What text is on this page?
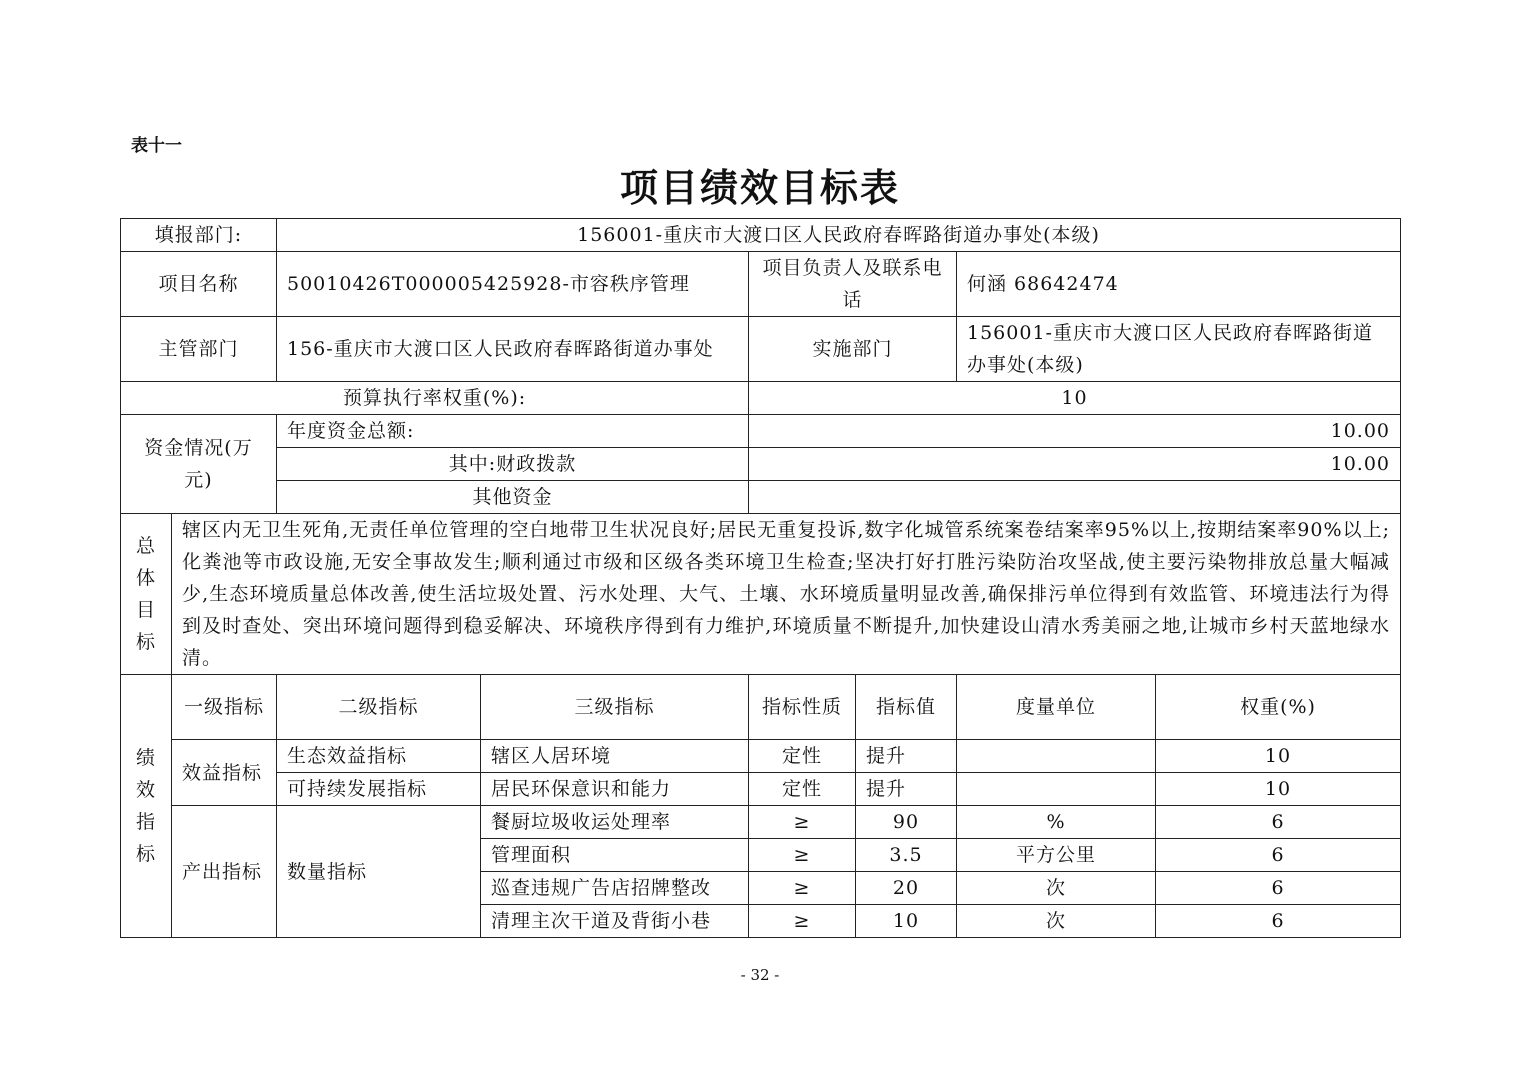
表十一
项目绩效目标表
填报部门:		156001-重庆市大渡口区人民政府春晖路街道办事处(本级)					
项目名称		50010426T000005425928-市容秩序管理		项目负责人及联系电话		何涵 68642474	
主管部门		156-重庆市大渡口区人民政府春晖路街道办事处		实施部门		156001-重庆市大渡口区人民政府春晖路街道办事处(本级)	
预算执行率权重(%):				10			
资金情况(万元)		年度资金总额:		10.00			
		其中:财政拨款		10.00			
		其他资金					
总体目标	辖区内无卫生死角,无责任单位管理的空白地带卫生状况良好;居民无重复投诉,数字化城管系统案卷结案率95%以上,按期结案率90%以上;化粪池等市政设施,无安全事故发生;顺利通过市级和区级各类环境卫生检查;坚决打好打胜污染防治攻坚战,使主要污染物排放总量大幅减少,生态环境质量总体改善,使生活垃圾处置、污水处理、大气、土壤、水环境质量明显改善,确保排污单位得到有效监管、环境违法行为得到及时查处、突出环境问题得到稳妥解决、环境秩序得到有力维护,环境质量不断提升,加快建设山清水秀美丽之地,让城市乡村天蓝地绿水清。						
绩效指标	一级指标	二级指标	三级指标	指标性质	指标值	度量单位	权重(%)
	效益指标	生态效益指标	辖区人居环境	定性	提升		10
		可持续发展指标	居民环保意识和能力	定性	提升		10
	产出指标	数量指标	餐厨垃圾收运处理率	≥	90	%	6
			管理面积	≥	3.5	平方公里	6
			巡查违规广告店招牌整改	≥	20	次	6
			清理主次干道及背街小巷	≥	10	次	6
- 32 -
